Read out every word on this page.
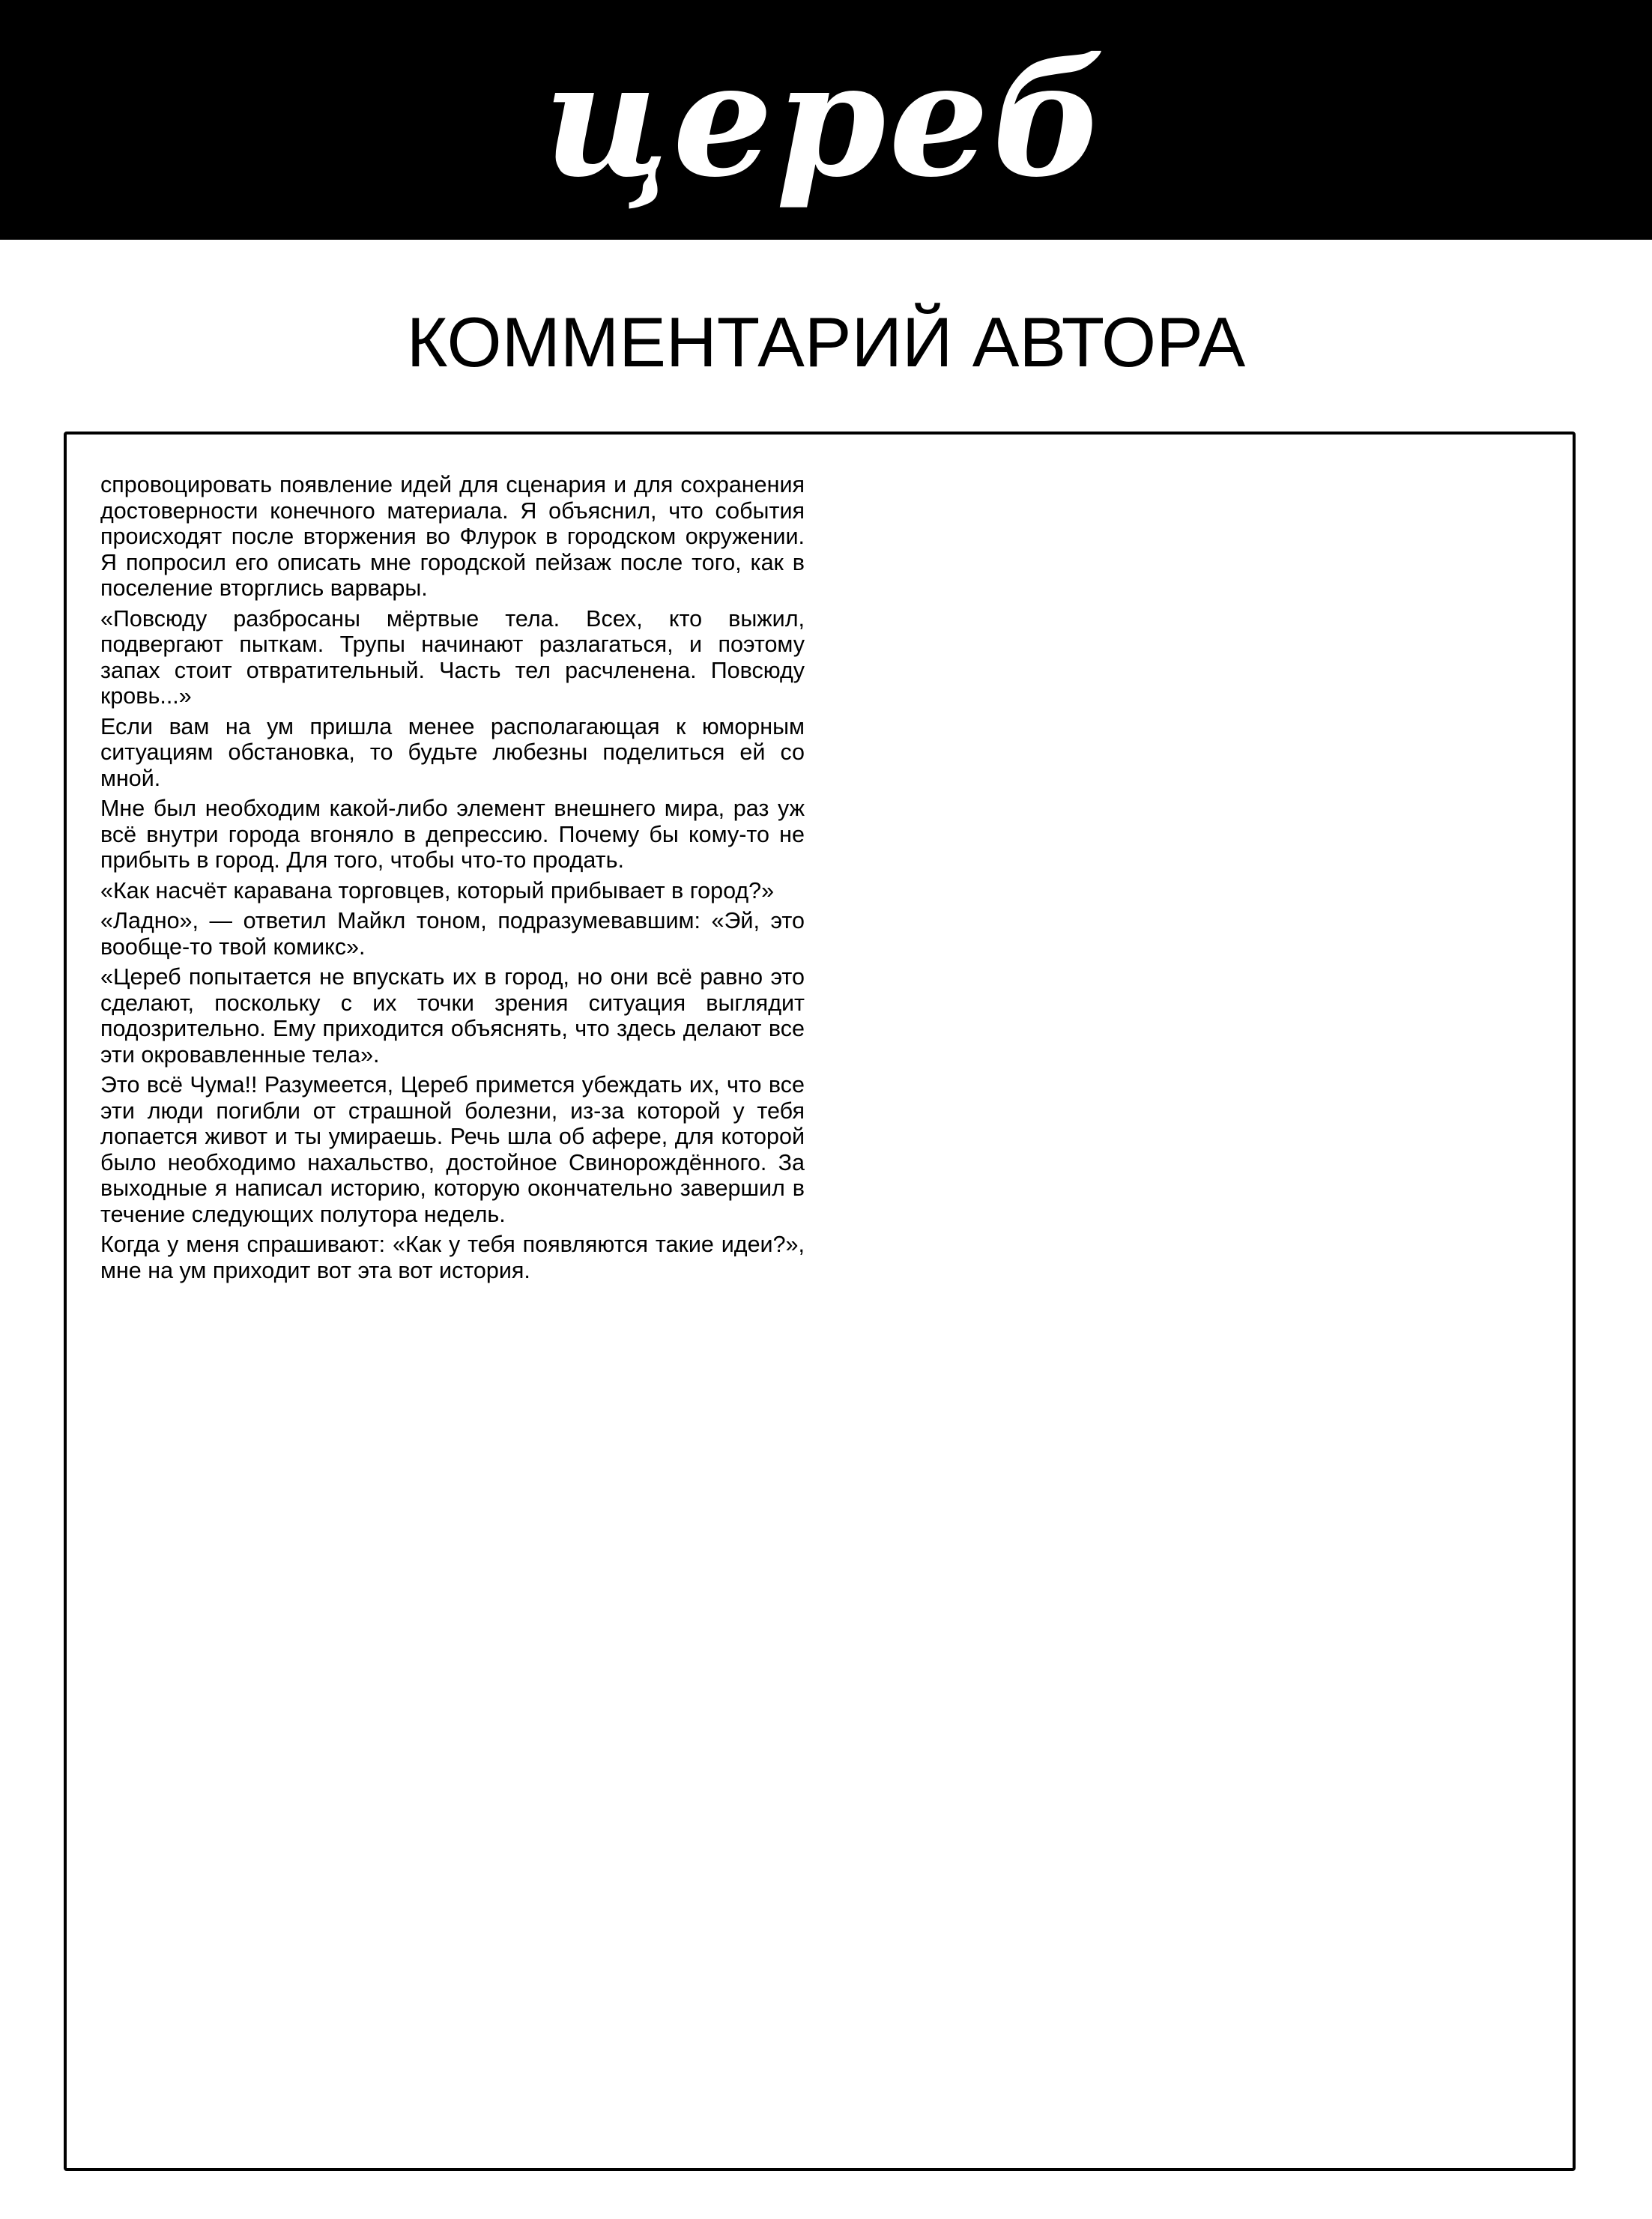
цереб
КОММЕНТАРИЙ АВТОРА

спровоцировать появление идей для сценария и для сохранения достоверности конечного материала. Я объяснил, что события происходят после вторжения во Флурок в городском окружении. Я попросил его описать мне городской пейзаж после того, как в поселение вторглись варвары.

«Повсюду разбросаны мёртвые тела. Всех, кто выжил, подвергают пыткам. Трупы начинают разлагаться, и поэтому запах стоит отвратительный. Часть тел расчленена. Повсюду кровь...»

Если вам на ум пришла менее располагающая к юморным ситуациям обстановка, то будьте любезны поделиться ей со мной.

Мне был необходим какой-либо элемент внешнего мира, раз уж всё внутри города вгоняло в депрессию. Почему бы кому-то не прибыть в город. Для того, чтобы что-то продать.

«Как насчёт каравана торговцев, который прибывает в город?»

«Ладно», — ответил Майкл тоном, подразумевавшим: «Эй, это вообще-то твой комикс».

«Цереб попытается не впускать их в город, но они всё равно это сделают, поскольку с их точки зрения ситуация выглядит подозрительно. Ему приходится объяснять, что здесь делают все эти окровавленные тела».

Это всё Чума!! Разумеется, Цереб примется убеждать их, что все эти люди погибли от страшной болезни, из-за которой у тебя лопается живот и ты умираешь. Речь шла об афере, для которой было необходимо нахальство, достойное Свинорождённого. За выходные я написал историю, которую окончательно завершил в течение следующих полутора недель.

Когда у меня спрашивают: «Как у тебя появляются такие идеи?», мне на ум приходит вот эта вот история.
